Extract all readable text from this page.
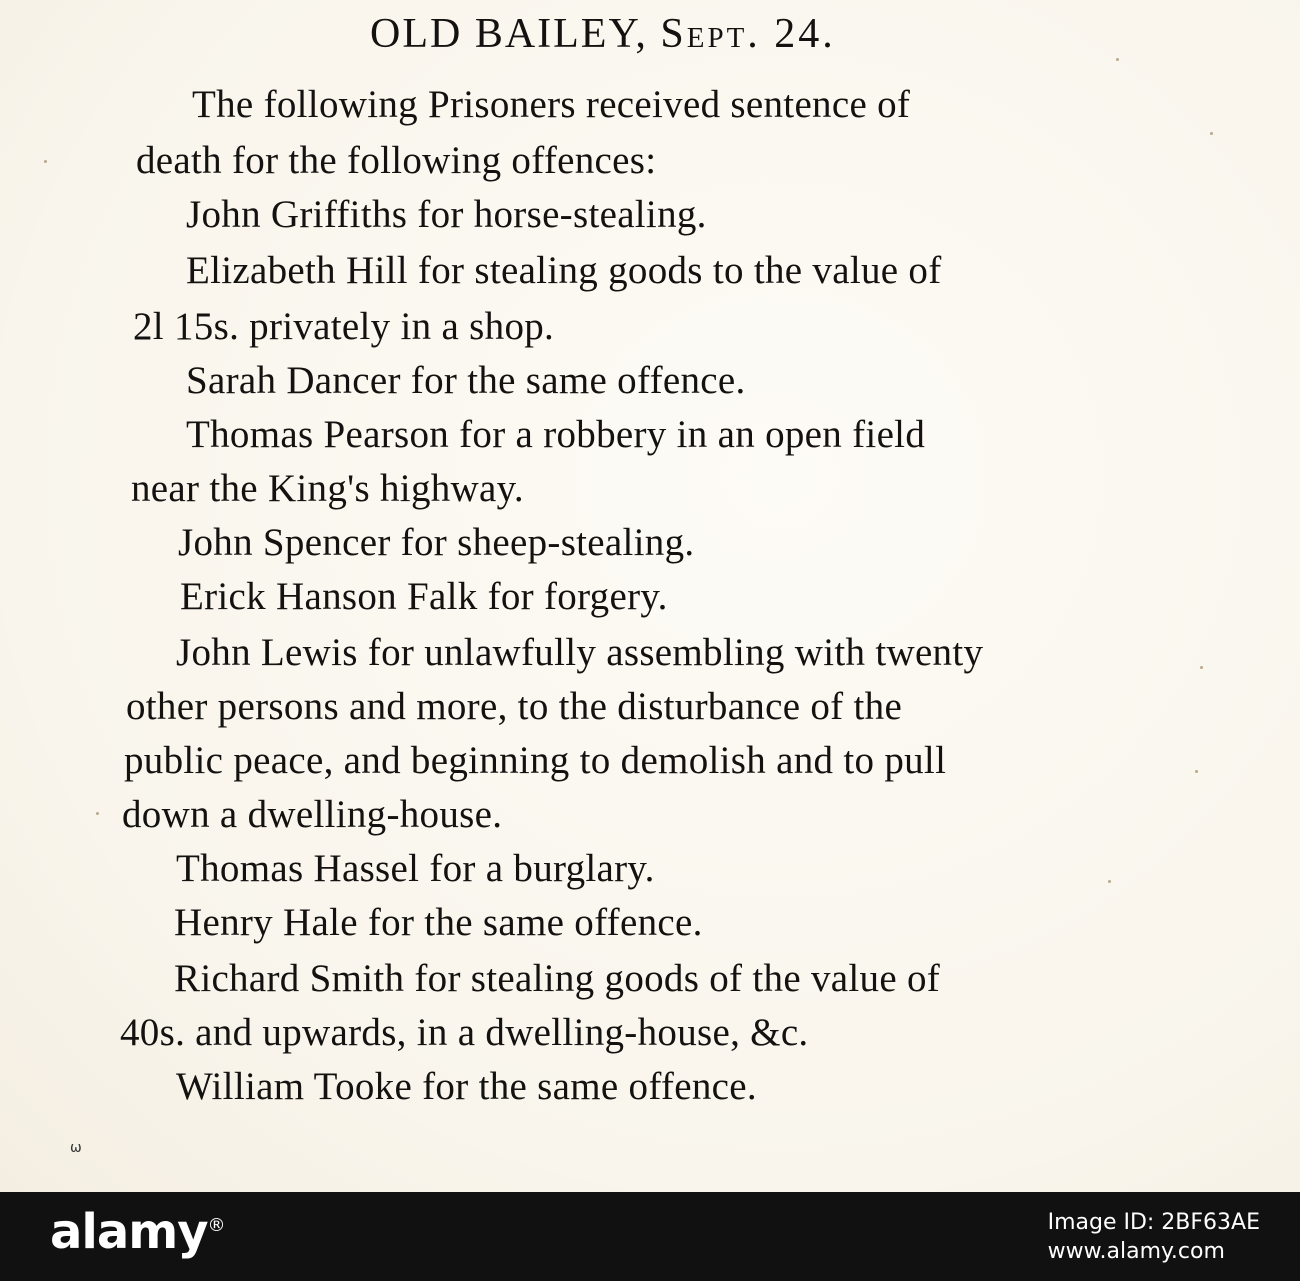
OLD BAILEY, Sept. 24.
The following Prisoners received sentence of
death for the following offences:
John Griffiths for horse-stealing.
Elizabeth Hill for stealing goods to the value of
2l 15s. privately in a shop.
Sarah Dancer for the same offence.
Thomas Pearson for a robbery in an open field
near the King's highway.
John Spencer for sheep-stealing.
Erick Hanson Falk for forgery.
John Lewis for unlawfully assembling with twenty
other persons and more, to the disturbance of the
public peace, and beginning to demolish and to pull
down a dwelling-house.
Thomas Hassel for a burglary.
Henry Hale for the same offence.
Richard Smith for stealing goods of the value of
40s. and upwards, in a dwelling-house, &c.
William Tooke for the same offence.
ω
alamy®	Image ID: 2BF63AE
www.alamy.com
